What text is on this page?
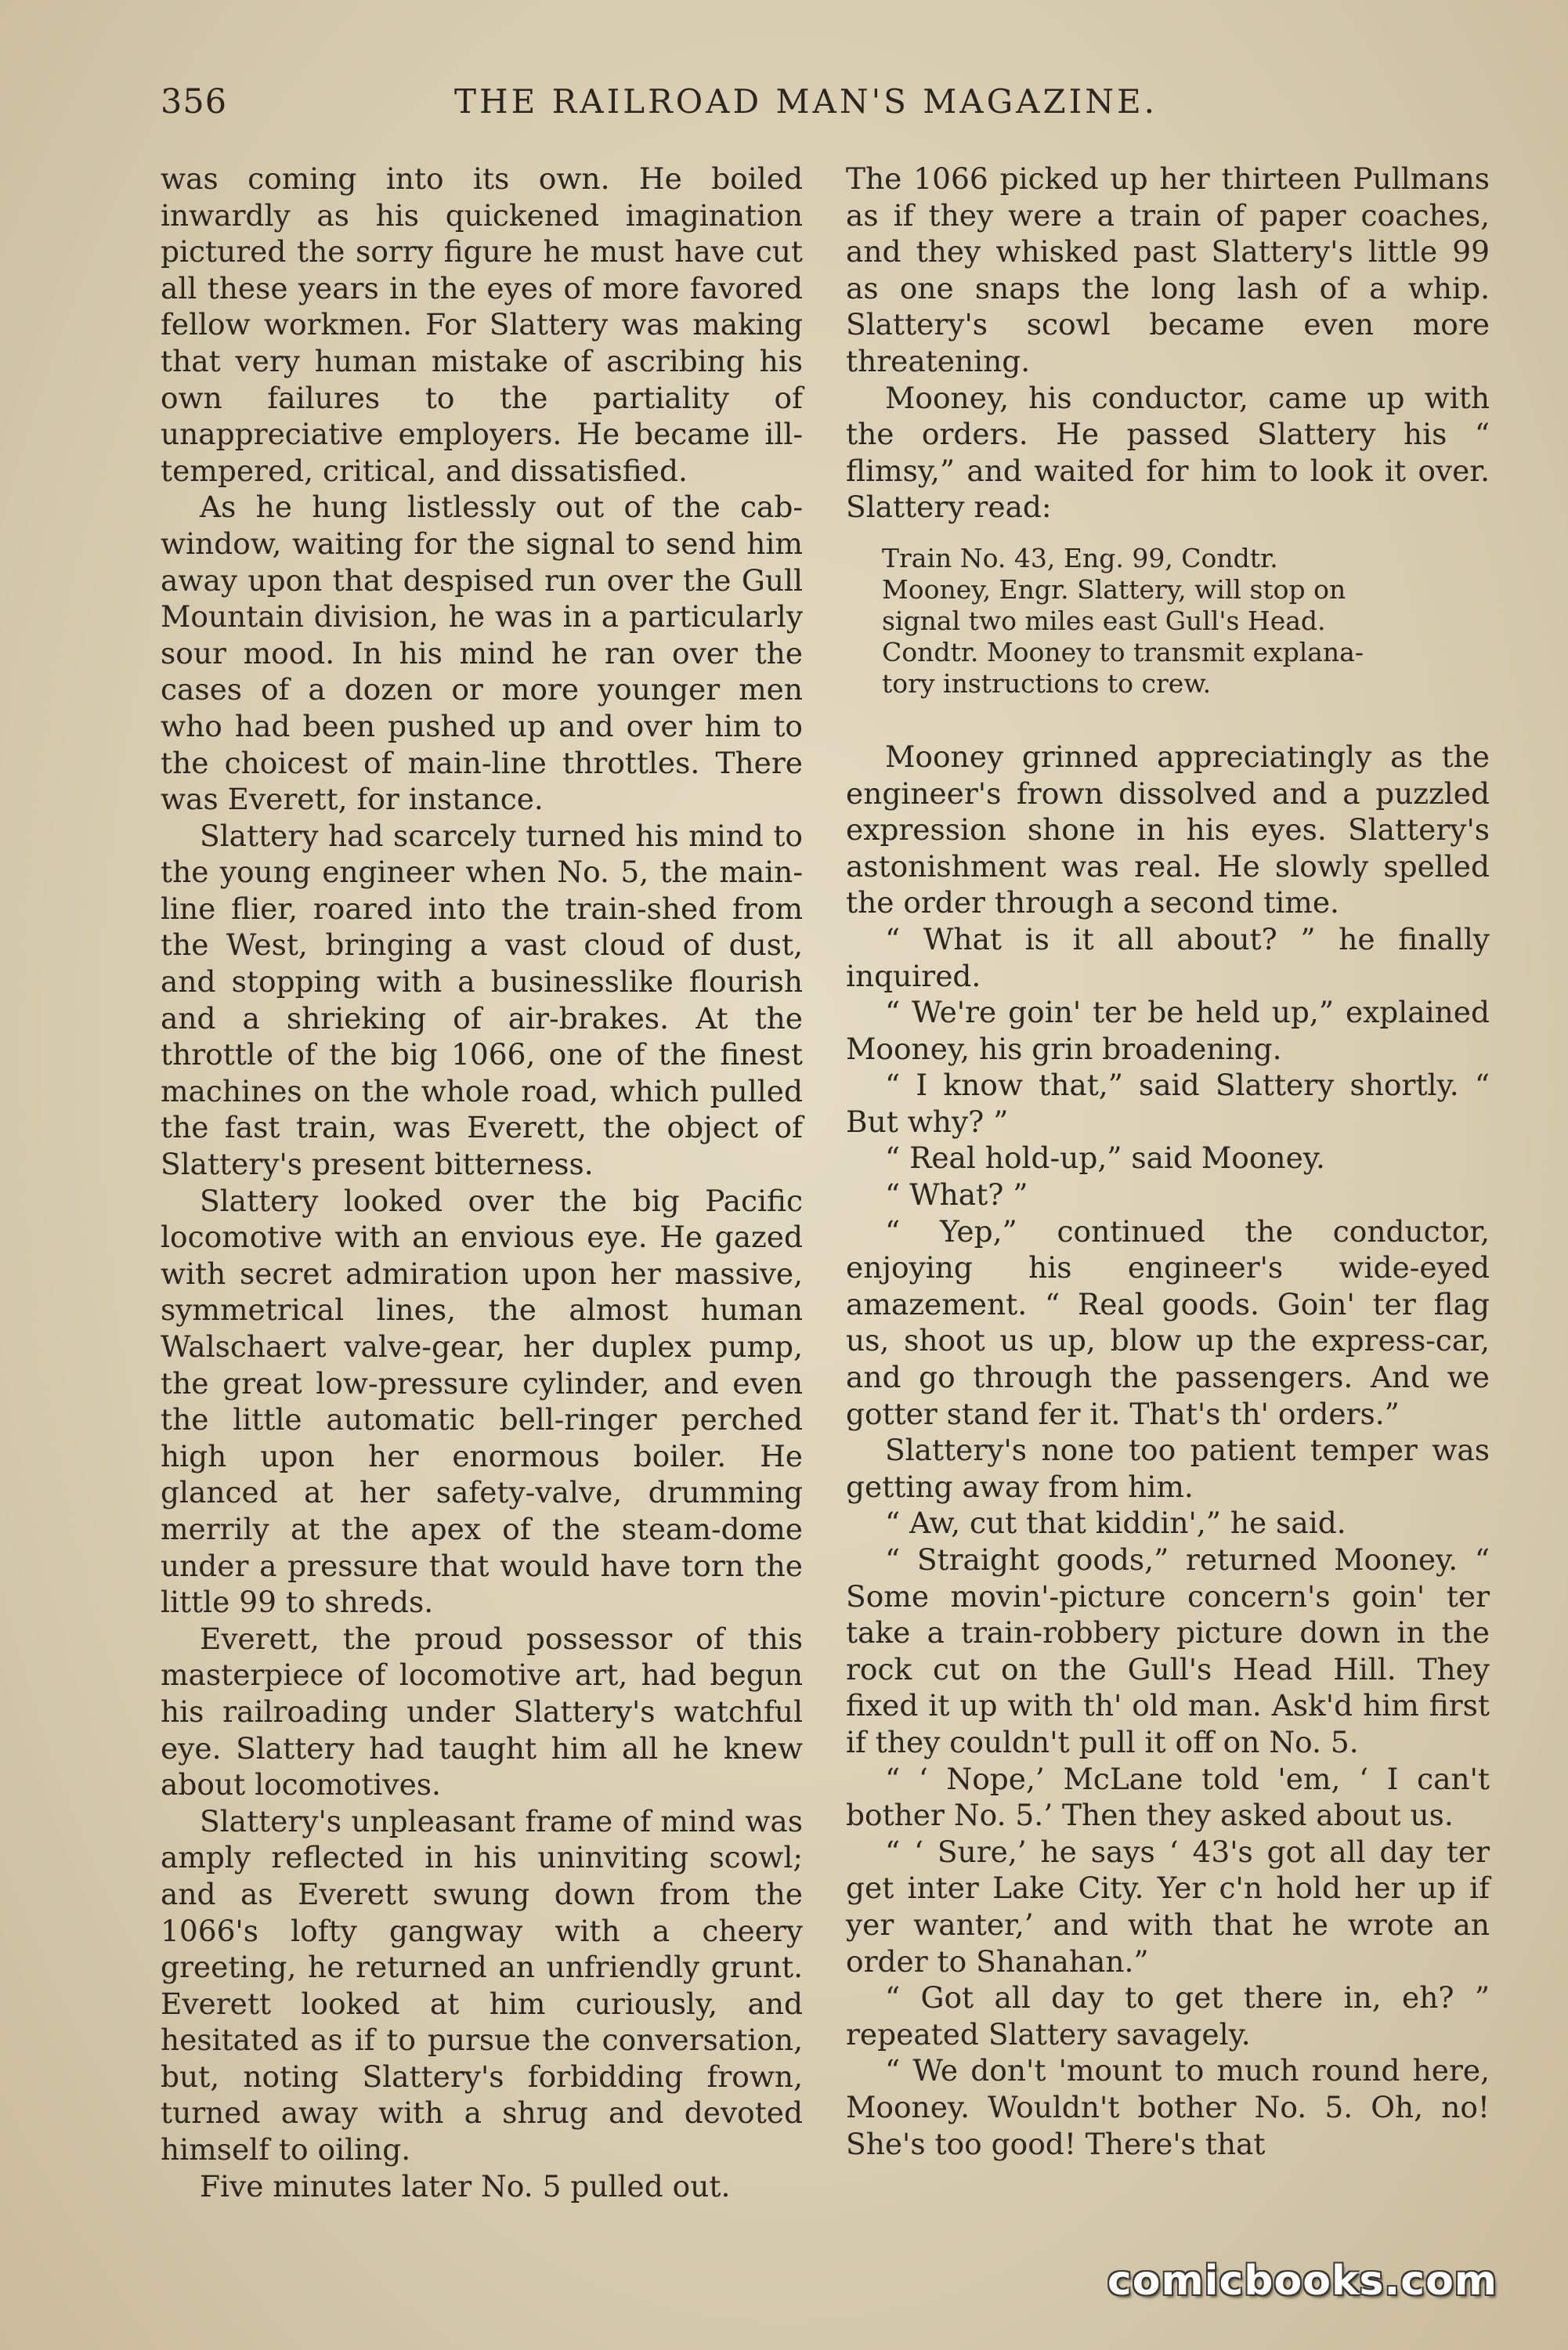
356	THE RAILROAD MAN'S MAGAZINE.

was coming into its own. He boiled inwardly as his quickened imagination pictured the sorry figure he must have cut all these years in the eyes of more favored fellow workmen. For Slattery was making that very human mistake of ascribing his own failures to the partiality of unappreciative employers. He became ill-tempered, critical, and dissatisfied.

As he hung listlessly out of the cab-window, waiting for the signal to send him away upon that despised run over the Gull Mountain division, he was in a particularly sour mood. In his mind he ran over the cases of a dozen or more younger men who had been pushed up and over him to the choicest of main-line throttles. There was Everett, for instance.

Slattery had scarcely turned his mind to the young engineer when No. 5, the main-line flier, roared into the train-shed from the West, bringing a vast cloud of dust, and stopping with a businesslike flourish and a shrieking of air-brakes. At the throttle of the big 1066, one of the finest machines on the whole road, which pulled the fast train, was Everett, the object of Slattery's present bitterness.

Slattery looked over the big Pacific locomotive with an envious eye. He gazed with secret admiration upon her massive, symmetrical lines, the almost human Walschaert valve-gear, her duplex pump, the great low-pressure cylinder, and even the little automatic bell-ringer perched high upon her enormous boiler. He glanced at her safety-valve, drumming merrily at the apex of the steam-dome under a pressure that would have torn the little 99 to shreds.

Everett, the proud possessor of this masterpiece of locomotive art, had begun his railroading under Slattery's watchful eye. Slattery had taught him all he knew about locomotives.

Slattery's unpleasant frame of mind was amply reflected in his uninviting scowl; and as Everett swung down from the 1066's lofty gangway with a cheery greeting, he returned an unfriendly grunt. Everett looked at him curiously, and hesitated as if to pursue the conversation, but, noting Slattery's forbidding frown, turned away with a shrug and devoted himself to oiling.

Five minutes later No. 5 pulled out.

The 1066 picked up her thirteen Pullmans as if they were a train of paper coaches, and they whisked past Slattery's little 99 as one snaps the long lash of a whip. Slattery's scowl became even more threatening.

Mooney, his conductor, came up with the orders. He passed Slattery his “ flimsy,” and waited for him to look it over. Slattery read:

Train No. 43, Eng. 99, Condtr.
Mooney, Engr. Slattery, will stop on
signal two miles east Gull's Head.
Condtr. Mooney to transmit explana-
tory instructions to crew.

Mooney grinned appreciatingly as the engineer's frown dissolved and a puzzled expression shone in his eyes. Slattery's astonishment was real. He slowly spelled the order through a second time.

“ What is it all about? ” he finally inquired.

“ We're goin' ter be held up,” explained Mooney, his grin broadening.

“ I know that,” said Slattery shortly. “ But why? ”

“ Real hold-up,” said Mooney.

“ What? ”

“ Yep,” continued the conductor, enjoying his engineer's wide-eyed amazement. “ Real goods. Goin' ter flag us, shoot us up, blow up the express-car, and go through the passengers. And we gotter stand fer it. That's th' orders.”

Slattery's none too patient temper was getting away from him.

“ Aw, cut that kiddin',” he said.

“ Straight goods,” returned Mooney. “ Some movin'-picture concern's goin' ter take a train-robbery picture down in the rock cut on the Gull's Head Hill. They fixed it up with th' old man. Ask'd him first if they couldn't pull it off on No. 5.

“ ‘ Nope,’ McLane told 'em, ‘ I can't bother No. 5.’ Then they asked about us.

“ ‘ Sure,’ he says ‘ 43's got all day ter get inter Lake City. Yer c'n hold her up if yer wanter,’ and with that he wrote an order to Shanahan.”

“ Got all day to get there in, eh? ” repeated Slattery savagely.

“ We don't 'mount to much round here, Mooney. Wouldn't bother No. 5. Oh, no! She's too good! There's that

comicbooks.com
